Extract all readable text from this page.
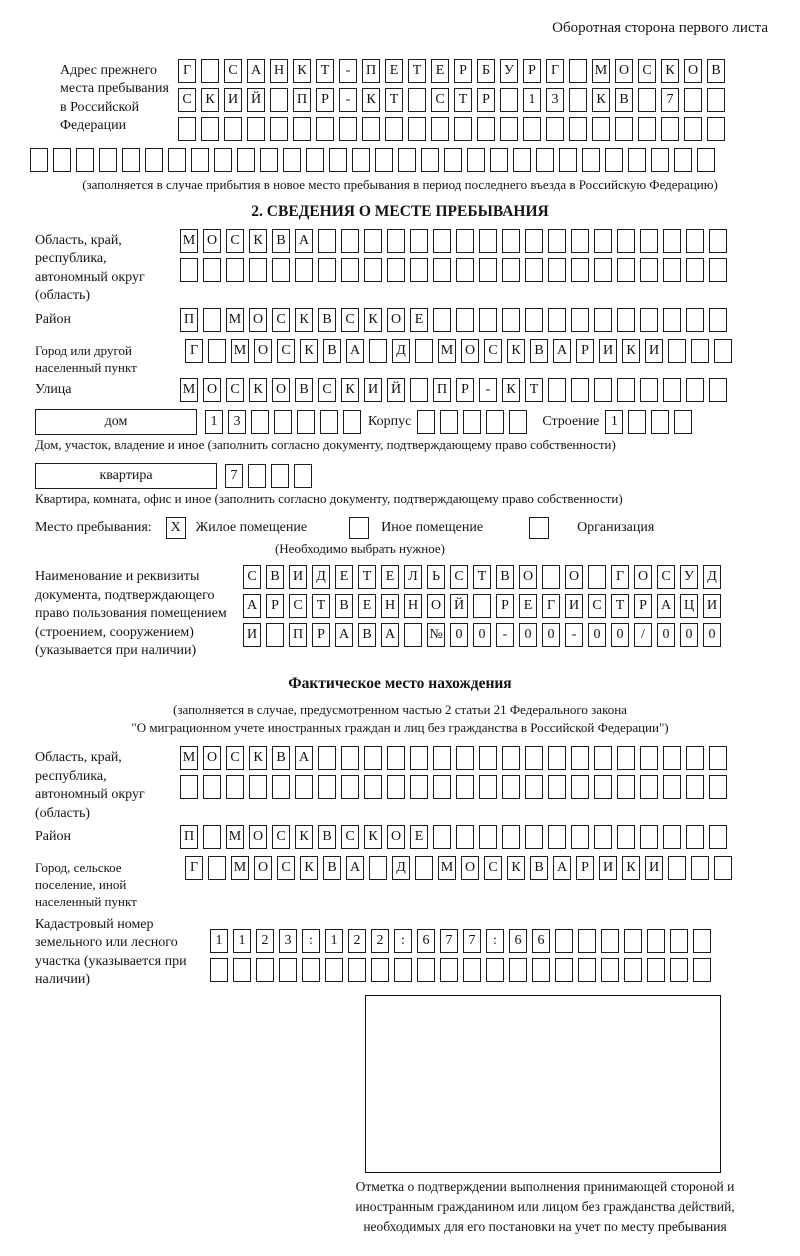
Оборотная сторона первого листа
Адрес прежнего места пребывания в Российской Федерации
Г	С А Н К	Т	-	П Е	Т	Е	Р	Б	У	Р	Г	М О С К О В
С К И Й	П	Р	-	К	Т	С	Т	Р	1	3	К В	7
(заполняется в случае прибытия в новое место пребывания в период последнего въезда в Российскую Федерацию)
2. СВЕДЕНИЯ О МЕСТЕ ПРЕБЫВАНИЯ
Область, край, республика, автономный округ (область)
М О С К В А
Район	П М О С К В С К О Е
Город или другой населенный пункт
Г	М О С К В А	Д	М О С К В А	Р	И К И
Улица	М О С К О В С К И Й	П	Р	-	К	Т
дом	1	3	Корпус	Строение 1
Дом, участок, владение и иное (заполнить согласно документу, подтверждающему право собственности)
квартира	7
Квартира, комната, офис и иное (заполнить согласно документу, подтверждающему право собственности)
Место пребывания:	X	Жилое помещение	Иное помещение	Организация
(Необходимо выбрать нужное)
Наименование и реквизиты документа, подтверждающего право пользования помещением (строением, сооружением) (указывается при наличии)
С В И Д Е	Т	Е Л	Ь	С	Т	В О	О	Г О С У Д
А	Р	С	Т	В	Е Н Н О Й	Р	Е	Г И С	Т	Р	А Ц И
И	П	Р	А В А № 0	0	-	0	0	-	0	0	/	0	0	0
Фактическое место нахождения
(заполняется в случае, предусмотренном частью 2 статьи 21 Федерального закона
"О миграционном учете иностранных граждан и лиц без гражданства в Российской Федерации")
Область, край, республика, автономный округ (область)
М О С К В А
Район	П М О С К В С К О Е
Город, сельское поселение, иной населенный пункт
Г	М О С К В А	Д	М О С К В А	Р	И К И
Кадастровый номер земельного или лесного участка (указывается при наличии)
1	1	2	3	:	1	2	2	:	6	7	7	:	6	6
Отметка о подтверждении выполнения принимающей стороной и иностранным гражданином или лицом без гражданства действий, необходимых для его постановки на учет по месту пребывания
